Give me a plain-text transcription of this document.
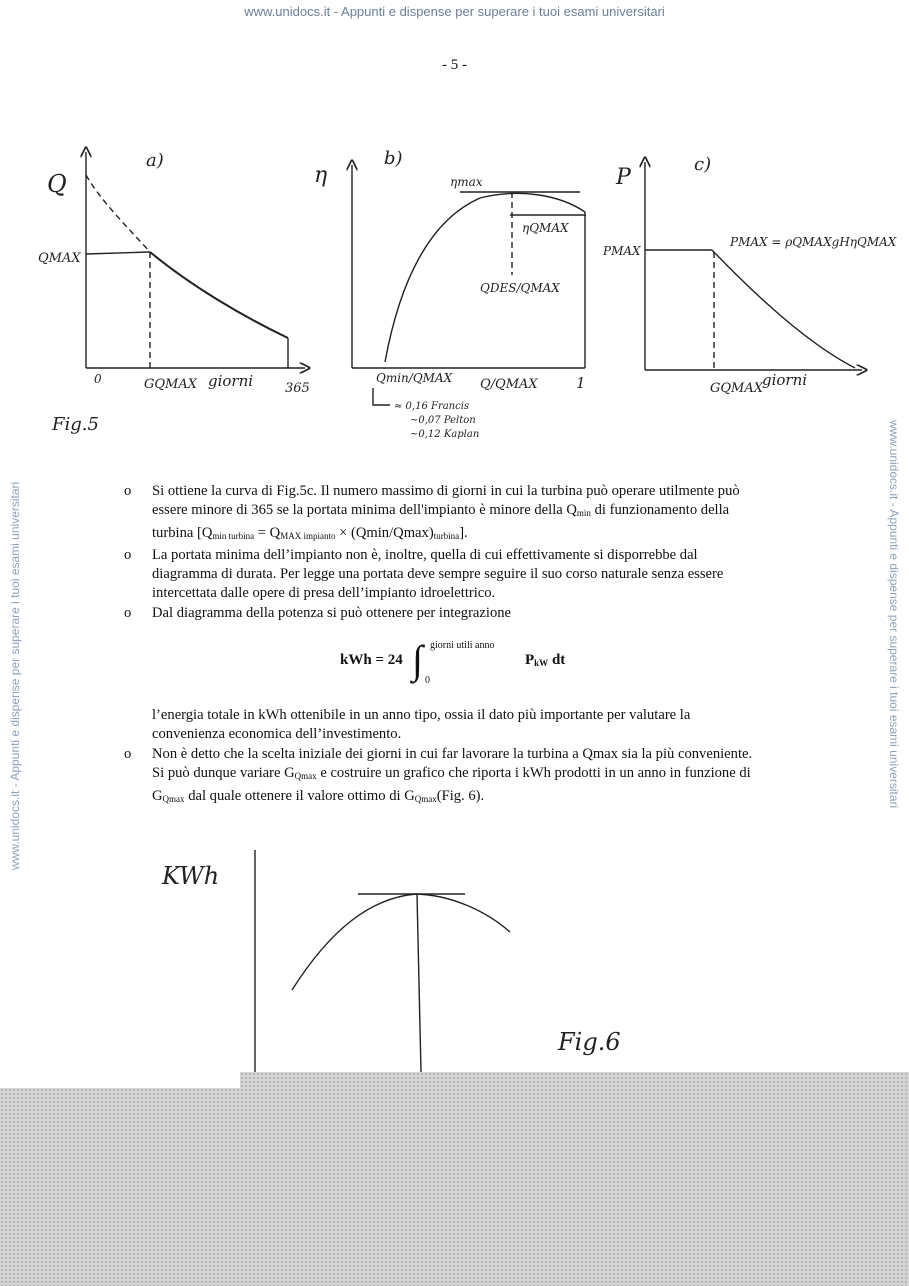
www.unidocs.it - Appunti e dispense per superare i tuoi esami universitari
- 5 -
www.unidocs.it - Appunti e dispense per superare i tuoi esami universitari	www.unidocs.it - Appunti e dispense per superare i tuoi esami universitari
a)
Q
QMAX
0	GQMAX giorni 365
Fig.5
b)
η	ηmax
ηQMAX
QDES/QMAX
Qmin/QMAX Q/QMAX	1
≈ 0,16 Francis
~0,07 Pelton
~0,12 Kaplan
c)
P
PMAX
PMAX = ρQMAXgHηQMAX
GQMAX giorni
KWh
Fig.6

o Si ottiene la curva di Fig.5c. Il numero massimo di giorni in cui la turbina può operare utilmente può essere minore di 365 se la portata minima dell'impianto è minore della $Q_{min}$ di funzionamento della turbina $[Q_{min turbina} = Q_{MAX impianto} \times (Qmin/Qmax)_{turbina}]$.

o La portata minima dell’impianto non è, inoltre, quella di cui effettivamente si disporrebbe dal diagramma di durata. Per legge una portata deve sempre seguire il suo corso naturale senza essere intercettata dalle opere di presa dell’impianto idroelettrico.

o Dal diagramma della potenza si può ottenere per integrazione

kWh = 24 ∫ giorni utili anno
0
$P_{kW}$ dt
l’energia totale in kWh ottenibile in un anno tipo, ossia il dato più importante per valutare la convenienza economica dell’investimento.

o Non è detto che la scelta iniziale dei giorni in cui far lavorare la turbina a Qmax sia la più conveniente. Si può dunque variare $G_{Qmax}$ e costruire un grafico che riporta i kWh prodotti in un anno in funzione di $G_{Qmax}$ dal quale ottenere il valore ottimo di $G_{Qmax}(Fig$. 6).
